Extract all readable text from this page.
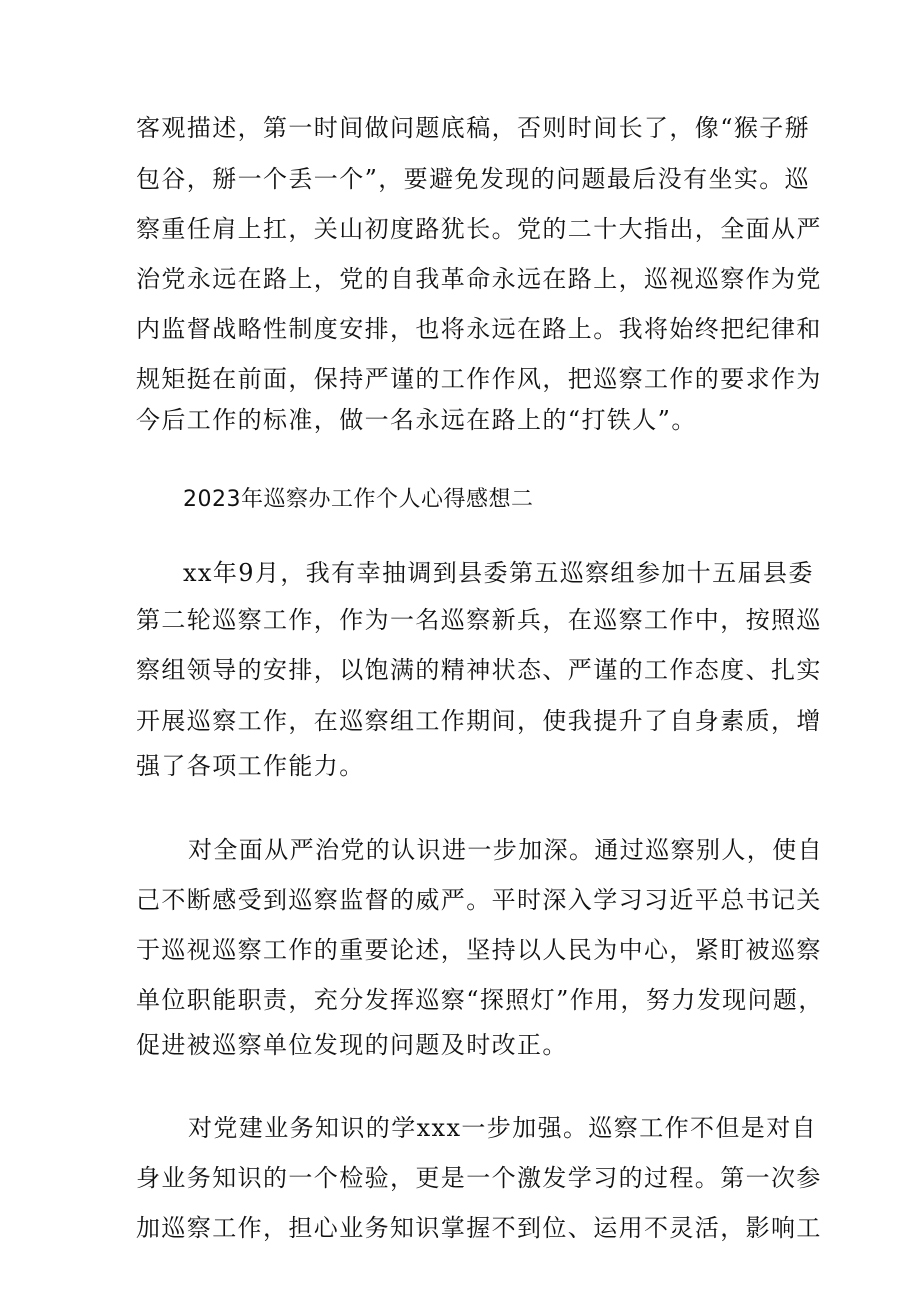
客观描述，第一时间做问题底稿，否则时间长了，像“猴子掰
包谷，掰一个丢一个”，要避免发现的问题最后没有坐实。巡
察重任肩上扛，关山初度路犹长。党的二十大指出，全面从严
治党永远在路上，党的自我革命永远在路上，巡视巡察作为党
内监督战略性制度安排，也将永远在路上。我将始终把纪律和
规矩挺在前面，保持严谨的工作作风，把巡察工作的要求作为
今后工作的标准，做一名永远在路上的“打铁人”。
2023年巡察办工作个人心得感想二
xx年9月，我有幸抽调到县委第五巡察组参加十五届县委
第二轮巡察工作，作为一名巡察新兵，在巡察工作中，按照巡
察组领导的安排，以饱满的精神状态、严谨的工作态度、扎实
开展巡察工作，在巡察组工作期间，使我提升了自身素质，增
强了各项工作能力。
对全面从严治党的认识进一步加深。通过巡察别人，使自
己不断感受到巡察监督的威严。平时深入学习习近平总书记关
于巡视巡察工作的重要论述，坚持以人民为中心，紧盯被巡察
单位职能职责，充分发挥巡察“探照灯”作用，努力发现问题，
促进被巡察单位发现的问题及时改正。
对党建业务知识的学xxx一步加强。巡察工作不但是对自
身业务知识的一个检验，更是一个激发学习的过程。第一次参
加巡察工作，担心业务知识掌握不到位、运用不灵活，影响工
